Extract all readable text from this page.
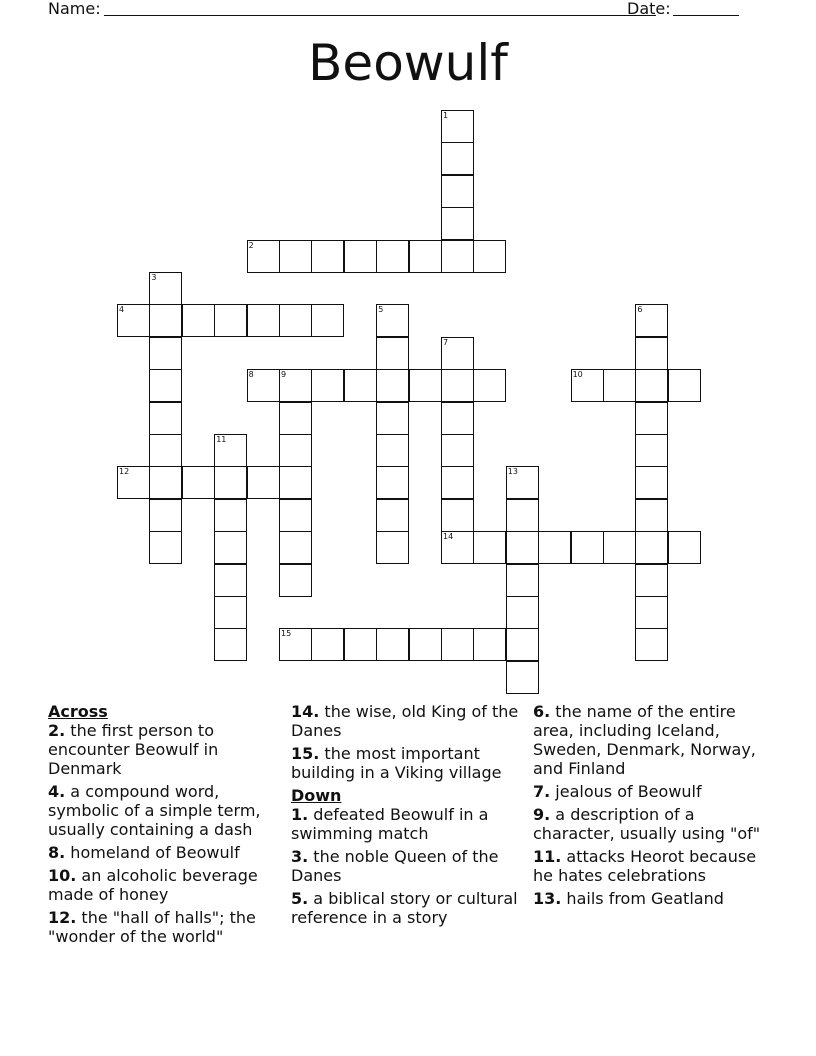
Name:	Date:
Beowulf
1
2
3
4	5	6
7
8	9	10
11
12	13
14
15
Across
2. the first person to encounter Beowulf in Denmark
4. a compound word, symbolic of a simple term, usually containing a dash
8. homeland of Beowulf
10. an alcoholic beverage made of honey
12. the "hall of halls"; the "wonder of the world"
14. the wise, old King of the Danes
15. the most important building in a Viking village
Down
1. defeated Beowulf in a swimming match
3. the noble Queen of the Danes
5. a biblical story or cultural reference in a story
6. the name of the entire area, including Iceland, Sweden, Denmark, Norway, and Finland
7. jealous of Beowulf
9. a description of a character, usually using "of"
11. attacks Heorot because he hates celebrations
13. hails from Geatland
